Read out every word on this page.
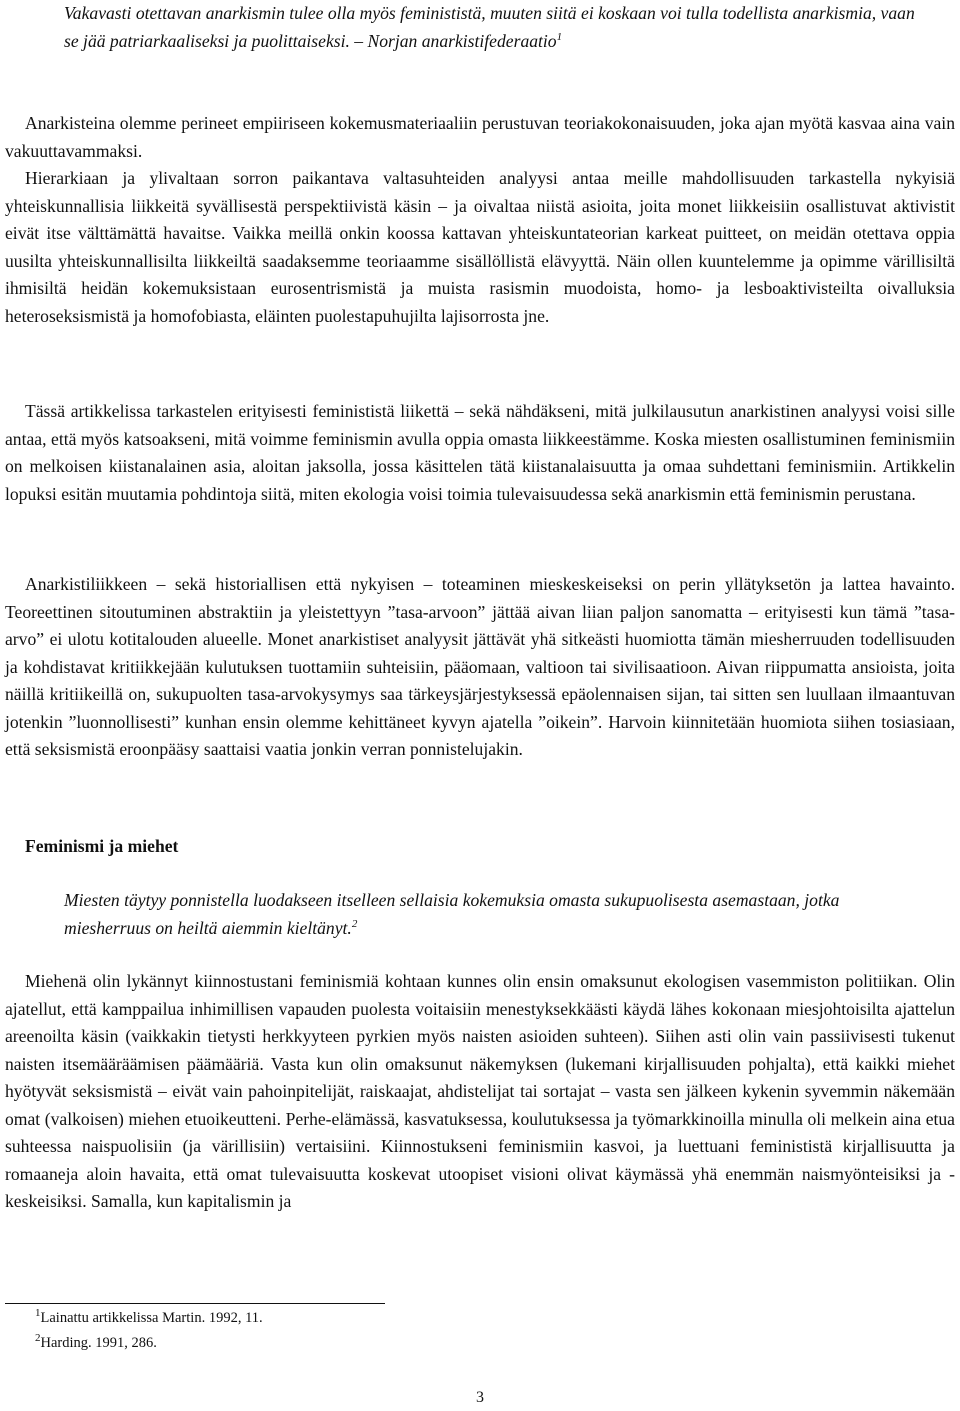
Vakavasti otettavan anarkismin tulee olla myös feminististä, muuten siitä ei koskaan voi tulla todellista anarkismia, vaan se jää patriarkaaliseksi ja puolittaiseksi. – Norjan anarkistifederaatio$^1$

Anarkisteina olemme perineet empiiriseen kokemusmateriaaliin perustuvan teoriakokonaisuuden, joka ajan myötä kasvaa aina vain vakuuttavammaksi.

Hierarkiaan ja ylivaltaan sorron paikantava valtasuhteiden analyysi antaa meille mahdollisuuden tarkastella nykyisiä yhteiskunnallisia liikkeitä syvällisestä perspektiivistä käsin – ja oivaltaa niistä asioita, joita monet liikkeisiin osallistuvat aktivistit eivät itse välttämättä havaitse. Vaikka meillä onkin koossa kattavan yhteiskuntateorian karkeat puitteet, on meidän otettava oppia uusilta yhteiskunnallisilta liikkeiltä saadaksemme teoriaamme sisällöllistä elävyyttä. Näin ollen kuuntelemme ja opimme värillisiltä ihmisiltä heidän kokemuksistaan eurosentrismistä ja muista rasismin muodoista, homo- ja lesboaktivisteilta oivalluksia heteroseksismistä ja homofobiasta, eläinten puolestapuhujilta lajisorrosta jne.

Tässä artikkelissa tarkastelen erityisesti feminististä liikettä – sekä nähdäkseni, mitä julkilausutun anarkistinen analyysi voisi sille antaa, että myös katsoakseni, mitä voimme feminismin avulla oppia omasta liikkeestämme. Koska miesten osallistuminen feminismiin on melkoisen kiistanalainen asia, aloitan jaksolla, jossa käsittelen tätä kiistanalaisuutta ja omaa suhdettani feminismiin. Artikkelin lopuksi esitän muutamia pohdintoja siitä, miten ekologia voisi toimia tulevaisuudessa sekä anarkismin että feminismin perustana.

Anarkistiliikkeen – sekä historiallisen että nykyisen – toteaminen mieskeskeiseksi on perin yllätyksetön ja lattea havainto. Teoreettinen sitoutuminen abstraktiin ja yleistettyyn ”tasa-arvoon” jättää aivan liian paljon sanomatta – erityisesti kun tämä ”tasa-arvo” ei ulotu kotitalouden alueelle. Monet anarkistiset analyysit jättävät yhä sitkeästi huomiotta tämän miesherruuden todellisuuden ja kohdistavat kritiikkejään kulutuksen tuottamiin suhteisiin, pääomaan, valtioon tai sivilisaatioon. Aivan riippumatta ansioista, joita näillä kritiikeillä on, sukupuolten tasa-arvokysymys saa tärkeysjärjestyksessä epäolennaisen sijan, tai sitten sen luullaan ilmaantuvan jotenkin ”luonnollisesti” kunhan ensin olemme kehittäneet kyvyn ajatella ”oikein”. Harvoin kiinnitetään huomiota siihen tosiasiaan, että seksismistä eroonpääsy saattaisi vaatia jonkin verran ponnistelujakin.

Feminismi ja miehet
Miesten täytyy ponnistella luodakseen itselleen sellaisia kokemuksia omasta sukupuolisesta asemastaan, jotka miesherruus on heiltä aiemmin kieltänyt.$^2$

Miehenä olin lykännyt kiinnostustani feminismiä kohtaan kunnes olin ensin omaksunut ekologisen vasemmiston politiikan. Olin ajatellut, että kamppailua inhimillisen vapauden puolesta voitaisiin menestyksekkäästi käydä lähes kokonaan miesjohtoisilta ajattelun areenoilta käsin (vaikkakin tietysti herkkyyteen pyrkien myös naisten asioiden suhteen). Siihen asti olin vain passiivisesti tukenut naisten itsemääräämisen päämääriä. Vasta kun olin omaksunut näkemyksen (lukemani kirjallisuuden pohjalta), että kaikki miehet hyötyvät seksismistä – eivät vain pahoinpitelijät, raiskaajat, ahdistelijat tai sortajat – vasta sen jälkeen kykenin syvemmin näkemään omat (valkoisen) miehen etuoikeutteni. Perhe-elämässä, kasvatuksessa, koulutuksessa ja työmarkkinoilla minulla oli melkein aina etua suhteessa naispuolisiin (ja värillisiin) vertaisiini. Kiinnostukseni feminismiin kasvoi, ja luettuani feminististä kirjallisuutta ja romaaneja aloin havaita, että omat tulevaisuutta koskevat utoopiset visioni olivat käymässä yhä enemmän naismyönteisiksi ja -keskeisiksi. Samalla, kun kapitalismin ja

$^1$Lainattu artikkelissa Martin. 1992, 11.
$^2$Harding. 1991, 286.
3
